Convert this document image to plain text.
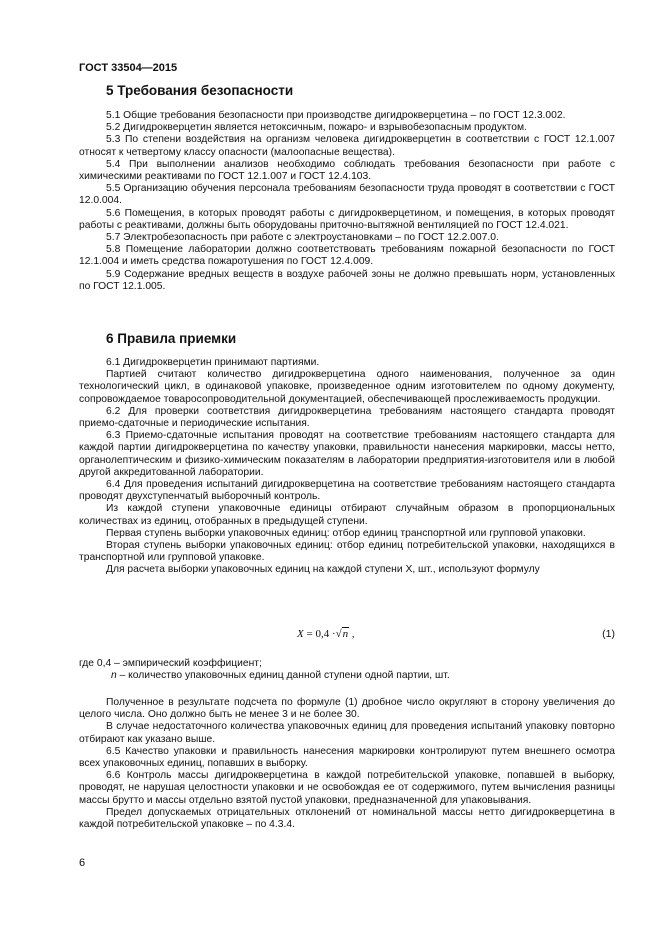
ГОСТ 33504—2015
5 Требования безопасности

5.1 Общие требования безопасности при производстве дигидрокверцетина – по ГОСТ 12.3.002.

5.2 Дигидрокверцетин является нетоксичным, пожаро- и взрывобезопасным продуктом.

5.3 По степени воздействия на организм человека дигидрокверцетин в соответствии с ГОСТ 12.1.007 относят к четвертому классу опасности (малоопасные вещества).

5.4 При выполнении анализов необходимо соблюдать требования безопасности при работе с химическими реактивами по ГОСТ 12.1.007 и ГОСТ 12.4.103.

5.5 Организацию обучения персонала требованиям безопасности труда проводят в соответствии с ГОСТ 12.0.004.

5.6 Помещения, в которых проводят работы с дигидрокверцетином, и помещения, в которых проводят работы с реактивами, должны быть оборудованы приточно-вытяжной вентиляцией по ГОСТ 12.4.021.

5.7 Электробезопасность при работе с электроустановками – по ГОСТ 12.2.007.0.

5.8 Помещение лаборатории должно соответствовать требованиям пожарной безопасности по ГОСТ 12.1.004 и иметь средства пожаротушения по ГОСТ 12.4.009.

5.9 Содержание вредных веществ в воздухе рабочей зоны не должно превышать норм, установленных по ГОСТ 12.1.005.

6 Правила приемки

6.1 Дигидрокверцетин принимают партиями.

Партией считают количество дигидрокверцетина одного наименования, полученное за один технологический цикл, в одинаковой упаковке, произведенное одним изготовителем по одному документу, сопровождаемое товаросопроводительной документацией, обеспечивающей прослеживаемость продукции.

6.2 Для проверки соответствия дигидрокверцетина требованиям настоящего стандарта проводят приемо-сдаточные и периодические испытания.

6.3 Приемо-сдаточные испытания проводят на соответствие требованиям настоящего стандарта для каждой партии дигидрокверцетина по качеству упаковки, правильности нанесения маркировки, массы нетто, органолептическим и физико-химическим показателям в лаборатории предприятия-изготовителя или в любой другой аккредитованной лаборатории.

6.4 Для проведения испытаний дигидрокверцетина на соответствие требованиям настоящего стандарта проводят двухступенчатый выборочный контроль.

Из каждой ступени упаковочные единицы отбирают случайным образом в пропорциональных количествах из единиц, отобранных в предыдущей ступени.

Первая ступень выборки упаковочных единиц: отбор единиц транспортной или групповой упаковки.

Вторая ступень выборки упаковочных единиц: отбор единиц потребительской упаковки, находящихся в транспортной или групповой упаковке.

Для расчета выборки упаковочных единиц на каждой ступени X, шт., используют формулу

X = 0,4 ·√n ,	(1)

где 0,4 – эмпирический коэффициент;

n – количество упаковочных единиц данной ступени одной партии, шт.

Полученное в результате подсчета по формуле (1) дробное число округляют в сторону увеличения до целого числа. Оно должно быть не менее 3 и не более 30.

В случае недостаточного количества упаковочных единиц для проведения испытаний упаковку повторно отбирают как указано выше.

6.5 Качество упаковки и правильность нанесения маркировки контролируют путем внешнего осмотра всех упаковочных единиц, попавших в выборку.

6.6 Контроль массы дигидрокверцетина в каждой потребительской упаковке, попавшей в выборку, проводят, не нарушая целостности упаковки и не освобождая ее от содержимого, путем вычисления разницы массы брутто и массы отдельно взятой пустой упаковки, предназначенной для упаковывания.

Предел допускаемых отрицательных отклонений от номинальной массы нетто дигидрокверцетина в каждой потребительской упаковке – по 4.3.4.

6
